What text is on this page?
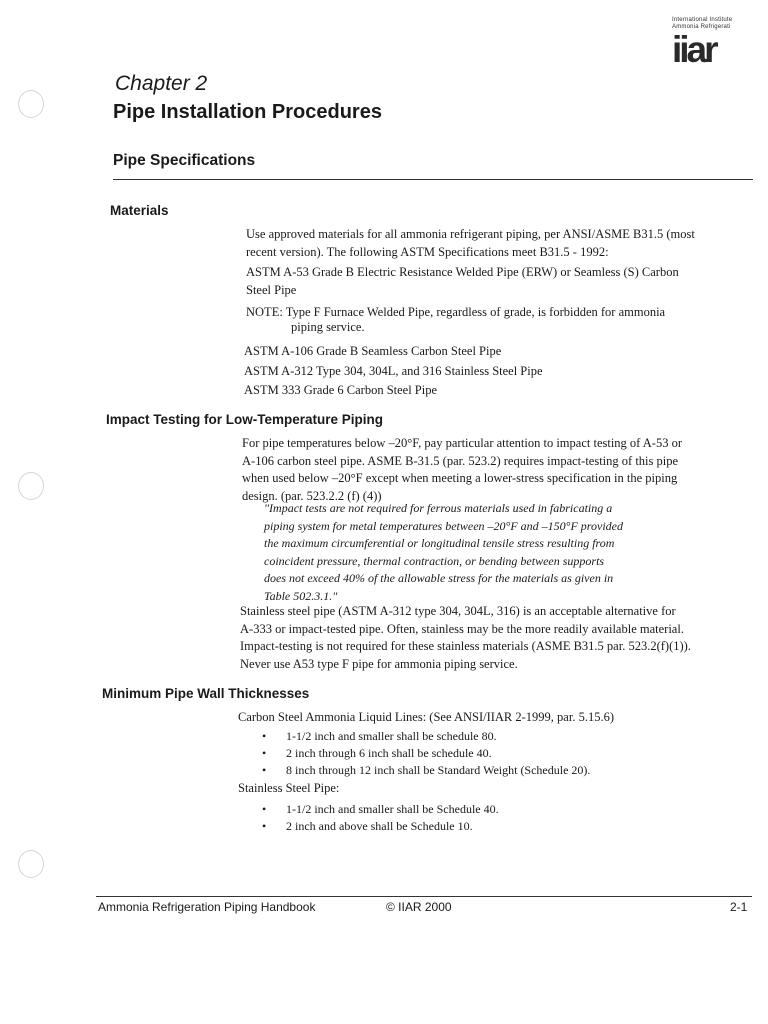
International Institute
Ammonia Refrigerati
iiar
Chapter 2
Pipe Installation Procedures
Pipe Specifications
Materials
Use approved materials for all ammonia refrigerant piping, per ANSI/ASME B31.5 (most
recent version). The following ASTM Specifications meet B31.5 - 1992:
ASTM A-53 Grade B Electric Resistance Welded Pipe (ERW) or Seamless (S) Carbon
Steel Pipe
NOTE: Type F Furnace Welded Pipe, regardless of grade, is forbidden for ammonia
piping service.
ASTM A-106 Grade B Seamless Carbon Steel Pipe
ASTM A-312 Type 304, 304L, and 316 Stainless Steel Pipe
ASTM 333 Grade 6 Carbon Steel Pipe
Impact Testing for Low-Temperature Piping
For pipe temperatures below –20°F, pay particular attention to impact testing of A-53 or
A-106 carbon steel pipe. ASME B-31.5 (par. 523.2) requires impact-testing of this pipe
when used below –20°F except when meeting a lower-stress specification in the piping
design. (par. 523.2.2 (f) (4))
"Impact tests are not required for ferrous materials used in fabricating a
piping system for metal temperatures between –20°F and –150°F provided
the maximum circumferential or longitudinal tensile stress resulting from
coincident pressure, thermal contraction, or bending between supports
does not exceed 40% of the allowable stress for the materials as given in
Table 502.3.1."
Stainless steel pipe (ASTM A-312 type 304, 304L, 316) is an acceptable alternative for
A-333 or impact-tested pipe. Often, stainless may be the more readily available material.
Impact-testing is not required for these stainless materials (ASME B31.5 par. 523.2(f)(1)).
Never use A53 type F pipe for ammonia piping service.
Minimum Pipe Wall Thicknesses
Carbon Steel Ammonia Liquid Lines: (See ANSI/IIAR 2-1999, par. 5.15.6)
• 1-1/2 inch and smaller shall be schedule 80.
• 2 inch through 6 inch shall be schedule 40.
• 8 inch through 12 inch shall be Standard Weight (Schedule 20).
Stainless Steel Pipe:
• 1-1/2 inch and smaller shall be Schedule 40.
• 2 inch and above shall be Schedule 10.
Ammonia Refrigeration Piping Handbook	© IIAR 2000	2-1
